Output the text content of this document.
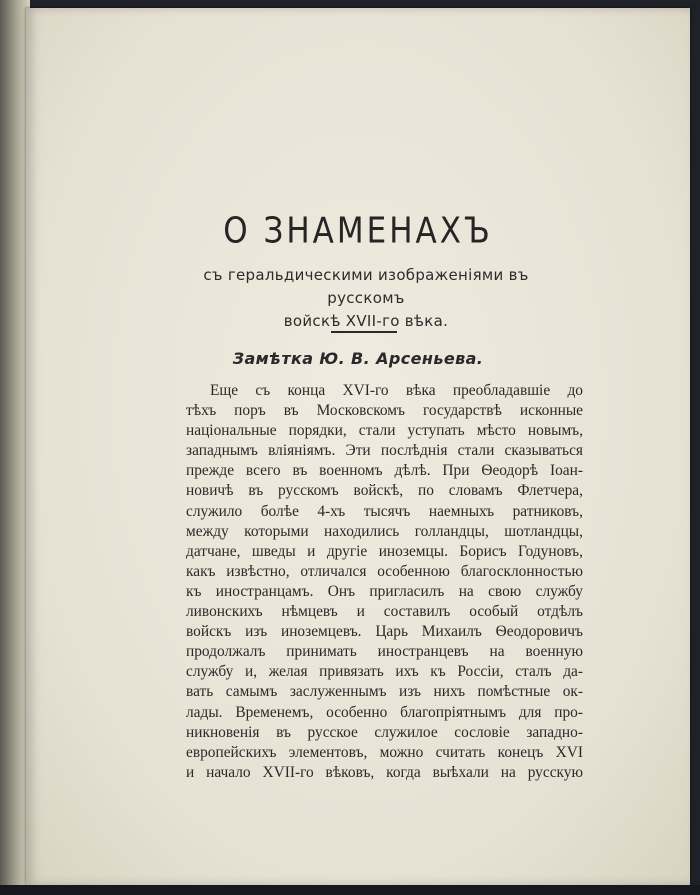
О ЗНАМЕНАХЪ
съ геральдическими изображеніями въ русскомъ
войскѣ XVII-го вѣка.
Замѣтка Ю. В. Арсеньева.
Еще съ конца XVI-го вѣка преобладавшіе до
тѣхъ поръ въ Московскомъ государствѣ исконные
національные порядки, стали уступать мѣсто новымъ,
западнымъ вліяніямъ. Эти послѣднія стали сказываться
прежде всего въ военномъ дѣлѣ. При Ѳеодорѣ Іоан-
новичѣ въ русскомъ войскѣ, по словамъ Флетчера,
служило болѣе 4-хъ тысячъ наемныхъ ратниковъ,
между которыми находились голландцы, шотландцы,
датчане, шведы и другіе иноземцы. Борисъ Годуновъ,
какъ извѣстно, отличался особенною благосклонностью
къ иностранцамъ. Онъ пригласилъ на свою службу
ливонскихъ нѣмцевъ и составилъ особый отдѣлъ
войскъ изъ иноземцевъ. Царь Михаилъ Ѳеодоровичъ
продолжалъ принимать иностранцевъ на военную
службу и, желая привязать ихъ къ Россіи, сталъ да-
вать самымъ заслуженнымъ изъ нихъ помѣстные ок-
лады. Временемъ, особенно благопріятнымъ для про-
никновенія въ русское служилое сословіе западно-
европейскихъ элементовъ, можно считать конецъ XVI
и начало XVII-го вѣковъ, когда выѣхали на русскую
